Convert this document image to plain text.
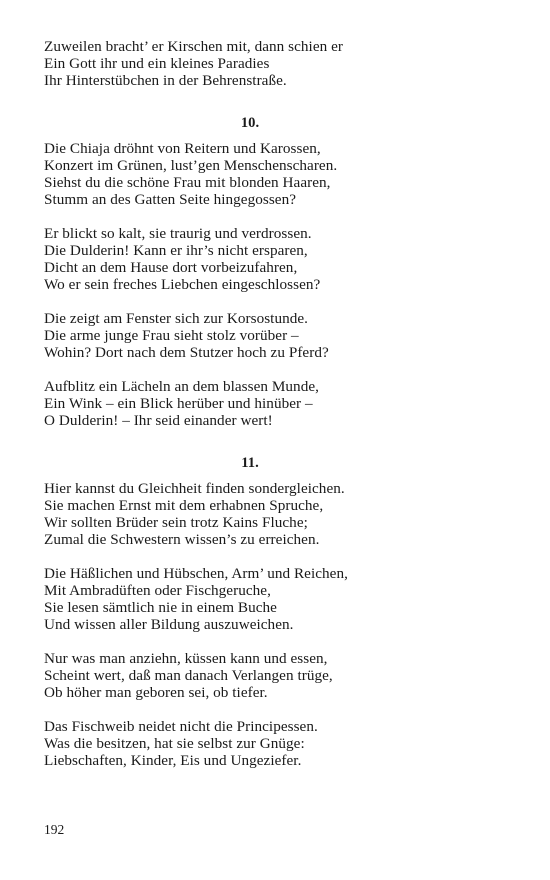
Zuweilen bracht’ er Kirschen mit, dann schien er
Ein Gott ihr und ein kleines Paradies
Ihr Hinterstübchen in der Behrenstraße.
10.
Die Chiaja dröhnt von Reitern und Karossen,
Konzert im Grünen, lust’gen Menschenscharen.
Siehst du die schöne Frau mit blonden Haaren,
Stumm an des Gatten Seite hingegossen?
Er blickt so kalt, sie traurig und verdrossen.
Die Dulderin! Kann er ihr’s nicht ersparen,
Dicht an dem Hause dort vorbeizufahren,
Wo er sein freches Liebchen eingeschlossen?
Die zeigt am Fenster sich zur Korsostunde.
Die arme junge Frau sieht stolz vorüber –
Wohin? Dort nach dem Stutzer hoch zu Pferd?
Aufblitz ein Lächeln an dem blassen Munde,
Ein Wink – ein Blick herüber und hinüber –
O Dulderin! – Ihr seid einander wert!
11.
Hier kannst du Gleichheit finden sondergleichen.
Sie machen Ernst mit dem erhabnen Spruche,
Wir sollten Brüder sein trotz Kains Fluche;
Zumal die Schwestern wissen’s zu erreichen.
Die Häßlichen und Hübschen, Arm’ und Reichen,
Mit Ambradüften oder Fischgeruche,
Sie lesen sämtlich nie in einem Buche
Und wissen aller Bildung auszuweichen.
Nur was man anziehn, küssen kann und essen,
Scheint wert, daß man danach Verlangen trüge,
Ob höher man geboren sei, ob tiefer.
Das Fischweib neidet nicht die Principessen.
Was die besitzen, hat sie selbst zur Gnüge:
Liebschaften, Kinder, Eis und Ungeziefer.
192
